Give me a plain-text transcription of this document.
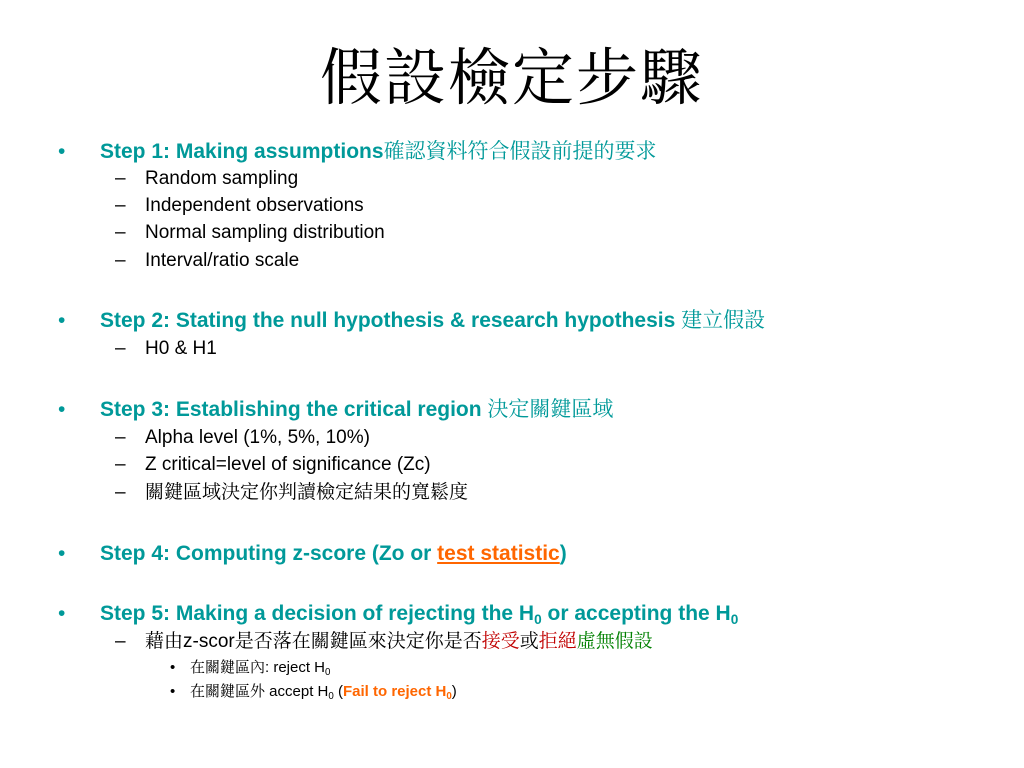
假設檢定步驟
• Step 1: Making assumptions確認資料符合假設前提的要求
– Random sampling
– Independent observations
– Normal sampling distribution
– Interval/ratio scale
• Step 2: Stating the null hypothesis & research hypothesis 建立假設
– H0 & H1
• Step 3: Establishing the critical region 決定關鍵區域
– Alpha level (1%, 5%, 10%)
– Z critical=level of significance (Zc)
– 關鍵區域決定你判讀檢定結果的寬鬆度
• Step 4: Computing z-score (Zo or test statistic)
• Step 5: Making a decision of rejecting the $H_0$ or accepting the $H_0$
– 藉由z-scor是否落在關鍵區來決定你是否接受或拒絕虛無假設
• 在關鍵區內: reject $H_0$
• 在關鍵區外 accept $H_0$ (Fail to reject $H_0$)
